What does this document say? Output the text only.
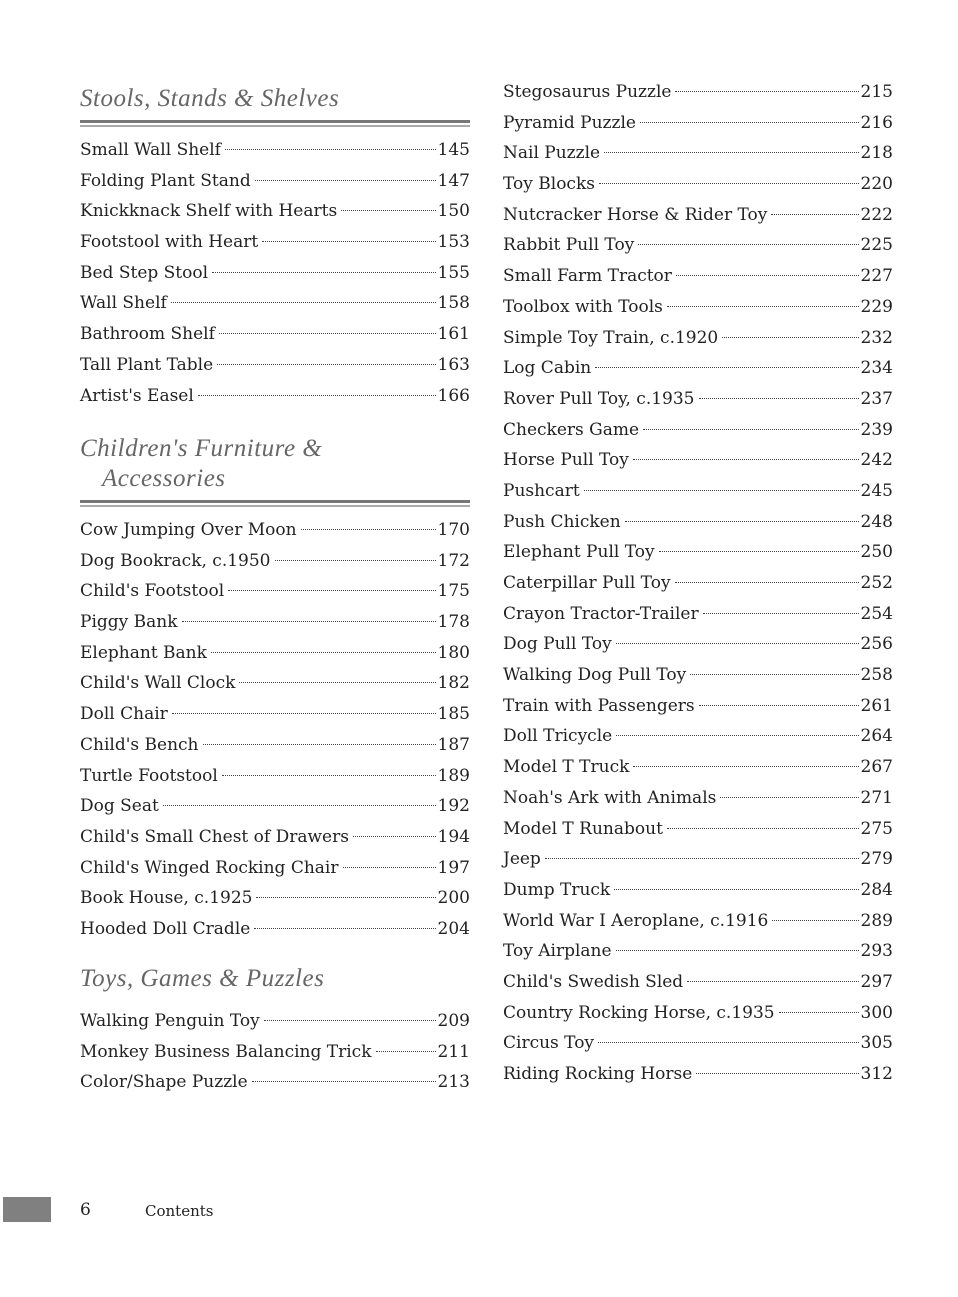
Stools, Stands & Shelves
Small Wall Shelf	145
Folding Plant Stand	147
Knickknack Shelf with Hearts	150
Footstool with Heart	153
Bed Step Stool	155
Wall Shelf	158
Bathroom Shelf	161
Tall Plant Table	163
Artist's Easel	166
Children's Furniture &
Accessories
Cow Jumping Over Moon	170
Dog Bookrack, c.1950	172
Child's Footstool	175
Piggy Bank	178
Elephant Bank	180
Child's Wall Clock	182
Doll Chair	185
Child's Bench	187
Turtle Footstool	189
Dog Seat	192
Child's Small Chest of Drawers	194
Child's Winged Rocking Chair	197
Book House, c.1925	200
Hooded Doll Cradle	204
Toys, Games & Puzzles
Walking Penguin Toy	209
Monkey Business Balancing Trick	211
Color/Shape Puzzle	213
Stegosaurus Puzzle	215
Pyramid Puzzle	216
Nail Puzzle	218
Toy Blocks	220
Nutcracker Horse & Rider Toy	222
Rabbit Pull Toy	225
Small Farm Tractor	227
Toolbox with Tools	229
Simple Toy Train, c.1920	232
Log Cabin	234
Rover Pull Toy, c.1935	237
Checkers Game	239
Horse Pull Toy	242
Pushcart	245
Push Chicken	248
Elephant Pull Toy	250
Caterpillar Pull Toy	252
Crayon Tractor-Trailer	254
Dog Pull Toy	256
Walking Dog Pull Toy	258
Train with Passengers	261
Doll Tricycle	264
Model T Truck	267
Noah's Ark with Animals	271
Model T Runabout	275
Jeep	279
Dump Truck	284
World War I Aeroplane, c.1916	289
Toy Airplane	293
Child's Swedish Sled	297
Country Rocking Horse, c.1935	300
Circus Toy	305
Riding Rocking Horse	312
6	Contents
